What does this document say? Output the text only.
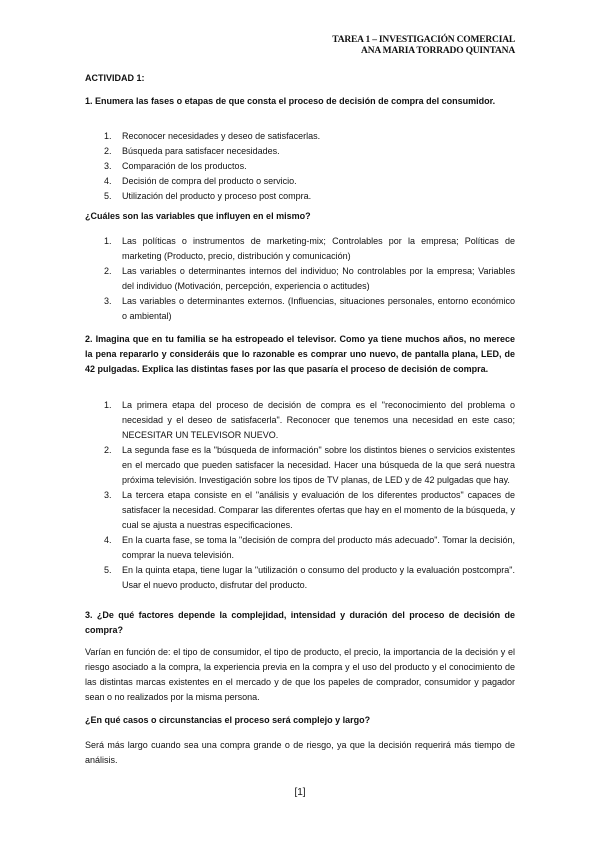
TAREA 1 – INVESTIGACIÓN COMERCIAL
ANA MARIA TORRADO QUINTANA
ACTIVIDAD 1:
1. Enumera las fases o etapas de que consta el proceso de decisión de compra del consumidor.
1. Reconocer necesidades y deseo de satisfacerlas.
2. Búsqueda para satisfacer necesidades.
3. Comparación de los productos.
4. Decisión de compra del producto o servicio.
5. Utilización del producto y proceso post compra.
¿Cuáles son las variables que influyen en el mismo?
1. Las políticas o instrumentos de marketing-mix; Controlables por la empresa; Políticas de marketing (Producto, precio, distribución y comunicación)
2. Las variables o determinantes internos del individuo; No controlables por la empresa; Variables del individuo (Motivación, percepción, experiencia o actitudes)
3. Las variables o determinantes externos. (Influencias, situaciones personales, entorno económico o ambiental)
2. Imagina que en tu familia se ha estropeado el televisor. Como ya tiene muchos años, no merece la pena repararlo y consideráis que lo razonable es comprar uno nuevo, de pantalla plana, LED, de 42 pulgadas. Explica las distintas fases por las que pasaría el proceso de decisión de compra.
1. La primera etapa del proceso de decisión de compra es el "reconocimiento del problema o necesidad y el deseo de satisfacerla". Reconocer que tenemos una necesidad en este caso; NECESITAR UN TELEVISOR NUEVO.
2. La segunda fase es la "búsqueda de información" sobre los distintos bienes o servicios existentes en el mercado que pueden satisfacer la necesidad. Hacer una búsqueda de la que será nuestra próxima televisión. Investigación sobre los tipos de TV planas, de LED y de 42 pulgadas que hay.
3. La tercera etapa consiste en el "análisis y evaluación de los diferentes productos" capaces de satisfacer la necesidad. Comparar las diferentes ofertas que hay en el momento de la búsqueda, y cual se ajusta a nuestras especificaciones.
4. En la cuarta fase, se toma la "decisión de compra del producto más adecuado". Tomar la decisión, comprar la nueva televisión.
5. En la quinta etapa, tiene lugar la "utilización o consumo del producto y la evaluación postcompra". Usar el nuevo producto, disfrutar del producto.
3. ¿De qué factores depende la complejidad, intensidad y duración del proceso de decisión de compra?
Varían en función de: el tipo de consumidor, el tipo de producto, el precio, la importancia de la decisión y el riesgo asociado a la compra, la experiencia previa en la compra y el uso del producto y el conocimiento de las distintas marcas existentes en el mercado y de que los papeles de comprador, consumidor y pagador sean o no realizados por la misma persona.
¿En qué casos o circunstancias el proceso será complejo y largo?
Será más largo cuando sea una compra grande o de riesgo, ya que la decisión requerirá más tiempo de análisis.
[1]
